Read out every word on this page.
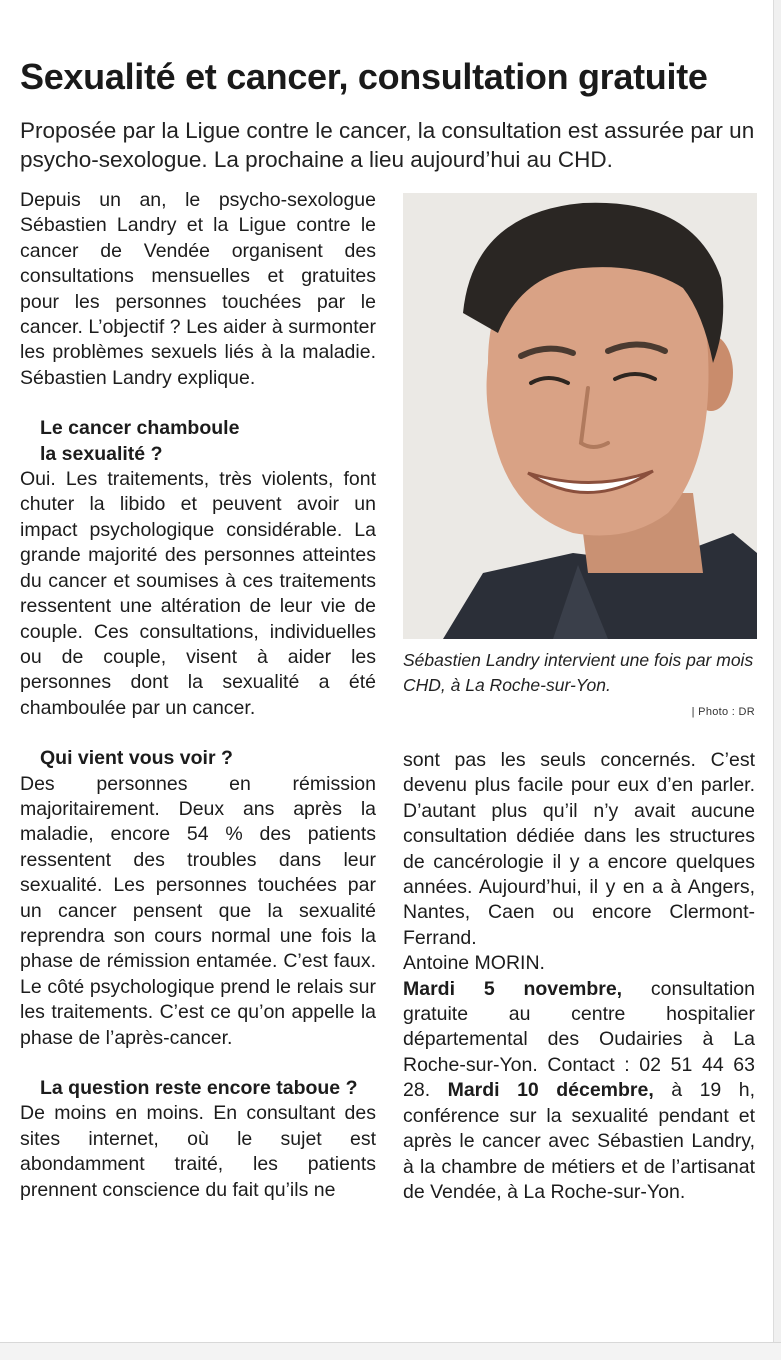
Sexualité et cancer, consultation gratuite

Proposée par la Ligue contre le cancer, la consultation est assurée par un psycho-sexologue. La prochaine a lieu aujourd’hui au CHD.

Depuis un an, le psycho-sexologue Sébastien Landry et la Ligue contre le cancer de Vendée organisent des consultations mensuelles et gratuites pour les personnes touchées par le cancer. L’objectif ? Les aider à surmonter les problèmes sexuels liés à la maladie. Sébastien Landry explique.

Le cancer chamboule la sexualité ?

Oui. Les traitements, très violents, font chuter la libido et peuvent avoir un impact psychologique considérable. La grande majorité des personnes atteintes du cancer et soumises à ces traitements ressentent une altération de leur vie de couple. Ces consultations, individuelles ou de couple, visent à aider les personnes dont la sexualité a été chamboulée par un cancer.

Qui vient vous voir ?

Des personnes en rémission majoritairement. Deux ans après la maladie, encore 54 % des patients ressentent des troubles dans leur sexualité. Les personnes touchées par un cancer pensent que la sexualité reprendra son cours normal une fois la phase de rémission entamée. C’est faux. Le côté psychologique prend le relais sur les traitements. C’est ce qu’on appelle la phase de l’après-cancer.

La question reste encore taboue ?

De moins en moins. En consultant des sites internet, où le sujet est abondamment traité, les patients prennent conscience du fait qu’ils ne

Sébastien Landry intervient une fois par mois CHD, à La Roche-sur-Yon.

| Photo : DR

sont pas les seuls concernés. C’est devenu plus facile pour eux d’en parler. D’autant plus qu’il n’y avait aucune consultation dédiée dans les structures de cancérologie il y a encore quelques années. Aujourd’hui, il y en a à Angers, Nantes, Caen ou encore Clermont-Ferrand.

Antoine MORIN.

Mardi 5 novembre, consultation gratuite au centre hospitalier départemental des Oudairies à La Roche-sur-Yon. Contact : 02 51 44 63 28. Mardi 10 décembre, à 19 h, conférence sur la sexualité pendant et après le cancer avec Sébastien Landry, à la chambre de métiers et de l’artisanat de Vendée, à La Roche-sur-Yon.
